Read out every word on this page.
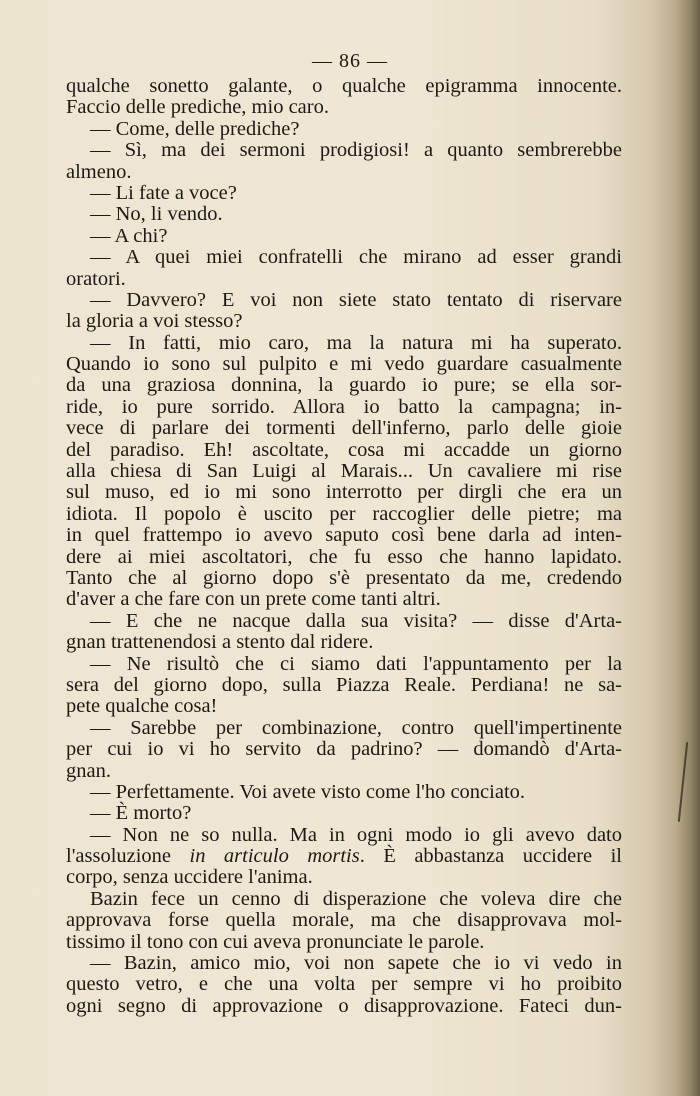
— 86 —
qualche sonetto galante, o qualche epigramma innocente.
Faccio delle prediche, mio caro.
— Come, delle prediche?
— Sì, ma dei sermoni prodigiosi! a quanto sembrerebbe
almeno.
— Li fate a voce?
— No, li vendo.
— A chi?
— A quei miei confratelli che mirano ad esser grandi
oratori.
— Davvero? E voi non siete stato tentato di riservare
la gloria a voi stesso?
— In fatti, mio caro, ma la natura mi ha superato.
Quando io sono sul pulpito e mi vedo guardare casualmente
da una graziosa donnina, la guardo io pure; se ella sor-
ride, io pure sorrido. Allora io batto la campagna; in-
vece di parlare dei tormenti dell'inferno, parlo delle gioie
del paradiso. Eh! ascoltate, cosa mi accadde un giorno
alla chiesa di San Luigi al Marais... Un cavaliere mi rise
sul muso, ed io mi sono interrotto per dirgli che era un
idiota. Il popolo è uscito per raccoglier delle pietre; ma
in quel frattempo io avevo saputo così bene darla ad inten-
dere ai miei ascoltatori, che fu esso che hanno lapidato.
Tanto che al giorno dopo s'è presentato da me, credendo
d'aver a che fare con un prete come tanti altri.
— E che ne nacque dalla sua visita? — disse d'Arta-
gnan trattenendosi a stento dal ridere.
— Ne risultò che ci siamo dati l'appuntamento per la
sera del giorno dopo, sulla Piazza Reale. Perdiana! ne sa-
pete qualche cosa!
— Sarebbe per combinazione, contro quell'impertinente
per cui io vi ho servito da padrino? — domandò d'Arta-
gnan.
— Perfettamente. Voi avete visto come l'ho conciato.
— È morto?
— Non ne so nulla. Ma in ogni modo io gli avevo dato
l'assoluzione in articulo mortis. È abbastanza uccidere il
corpo, senza uccidere l'anima.
Bazin fece un cenno di disperazione che voleva dire che
approvava forse quella morale, ma che disapprovava mol-
tissimo il tono con cui aveva pronunciate le parole.
— Bazin, amico mio, voi non sapete che io vi vedo in
questo vetro, e che una volta per sempre vi ho proibito
ogni segno di approvazione o disapprovazione. Fateci dun-
